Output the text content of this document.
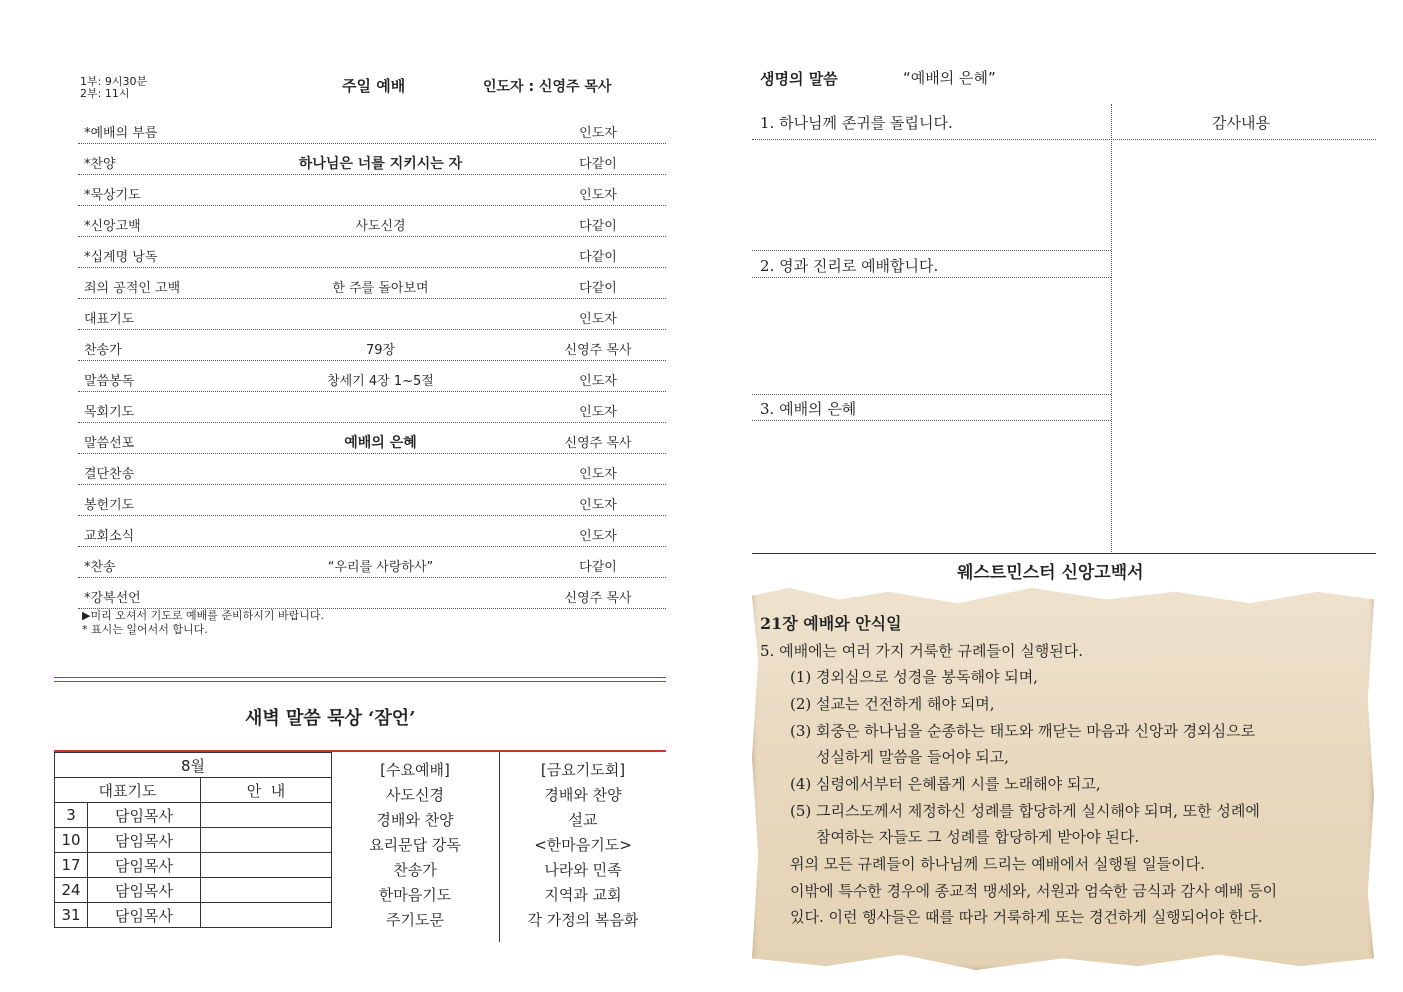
1부: 9시30분
2부: 11시	주일 예배	인도자 : 신영주 목사
*예배의 부름	인도자
*찬양	하나님은 너를 지키시는 자	다같이
*묵상기도	인도자
*신앙고백	사도신경	다같이
*십계명 낭독	다같이
죄의 공적인 고백	한 주를 돌아보며	다같이
대표기도	인도자
찬송가	79장	신영주 목사
말씀봉독	창세기 4장 1~5절	인도자
목회기도	인도자
말씀선포	예배의 은혜	신영주 목사
결단찬송	인도자
봉헌기도	인도자
교회소식	인도자
*찬송	“우리를 사랑하사”	다같이
*강복선언	신영주 목사
▶미리 오셔서 기도로 예배를 준비하시기 바랍니다.
* 표시는 일어서서 합니다.
새벽 말씀 묵상 ‘잠언’
8월		
대표기도		안  내
3	담임목사	
10	담임목사	
17	담임목사	
24	담임목사	
31	담임목사	
[수요예배]
사도신경
경배와 찬양
요리문답 강독
찬송가
한마음기도
주기도문
[금요기도회]
경배와 찬양
설교
<한마음기도>
나라와 민족
지역과 교회
각 가정의 복음화
생명의 말씀	“예배의 은혜”
1. 하나님께 존귀를 돌립니다.	감사내용
2. 영과 진리로 예배합니다.
3. 예배의 은혜
웨스트민스터 신앙고백서
21장 예배와 안식일
5. 예배에는 여러 가지 거룩한 규례들이 실행된다.
(1) 경외심으로 성경을 봉독해야 되며,
(2) 설교는 건전하게 해야 되며,
(3) 회중은 하나님을 순종하는 태도와 깨닫는 마음과 신앙과 경외심으로
성실하게 말씀을 들어야 되고,
(4) 심령에서부터 은혜롭게 시를 노래해야 되고,
(5) 그리스도께서 제정하신 성례를 합당하게 실시해야 되며, 또한 성례에
참여하는 자들도 그 성례를 합당하게 받아야 된다.
위의 모든 규례들이 하나님께 드리는 예배에서 실행될 일들이다.
이밖에 특수한 경우에 종교적 맹세와, 서원과 엄숙한 금식과 감사 예배 등이
있다. 이런 행사들은 때를 따라 거룩하게 또는 경건하게 실행되어야 한다.
